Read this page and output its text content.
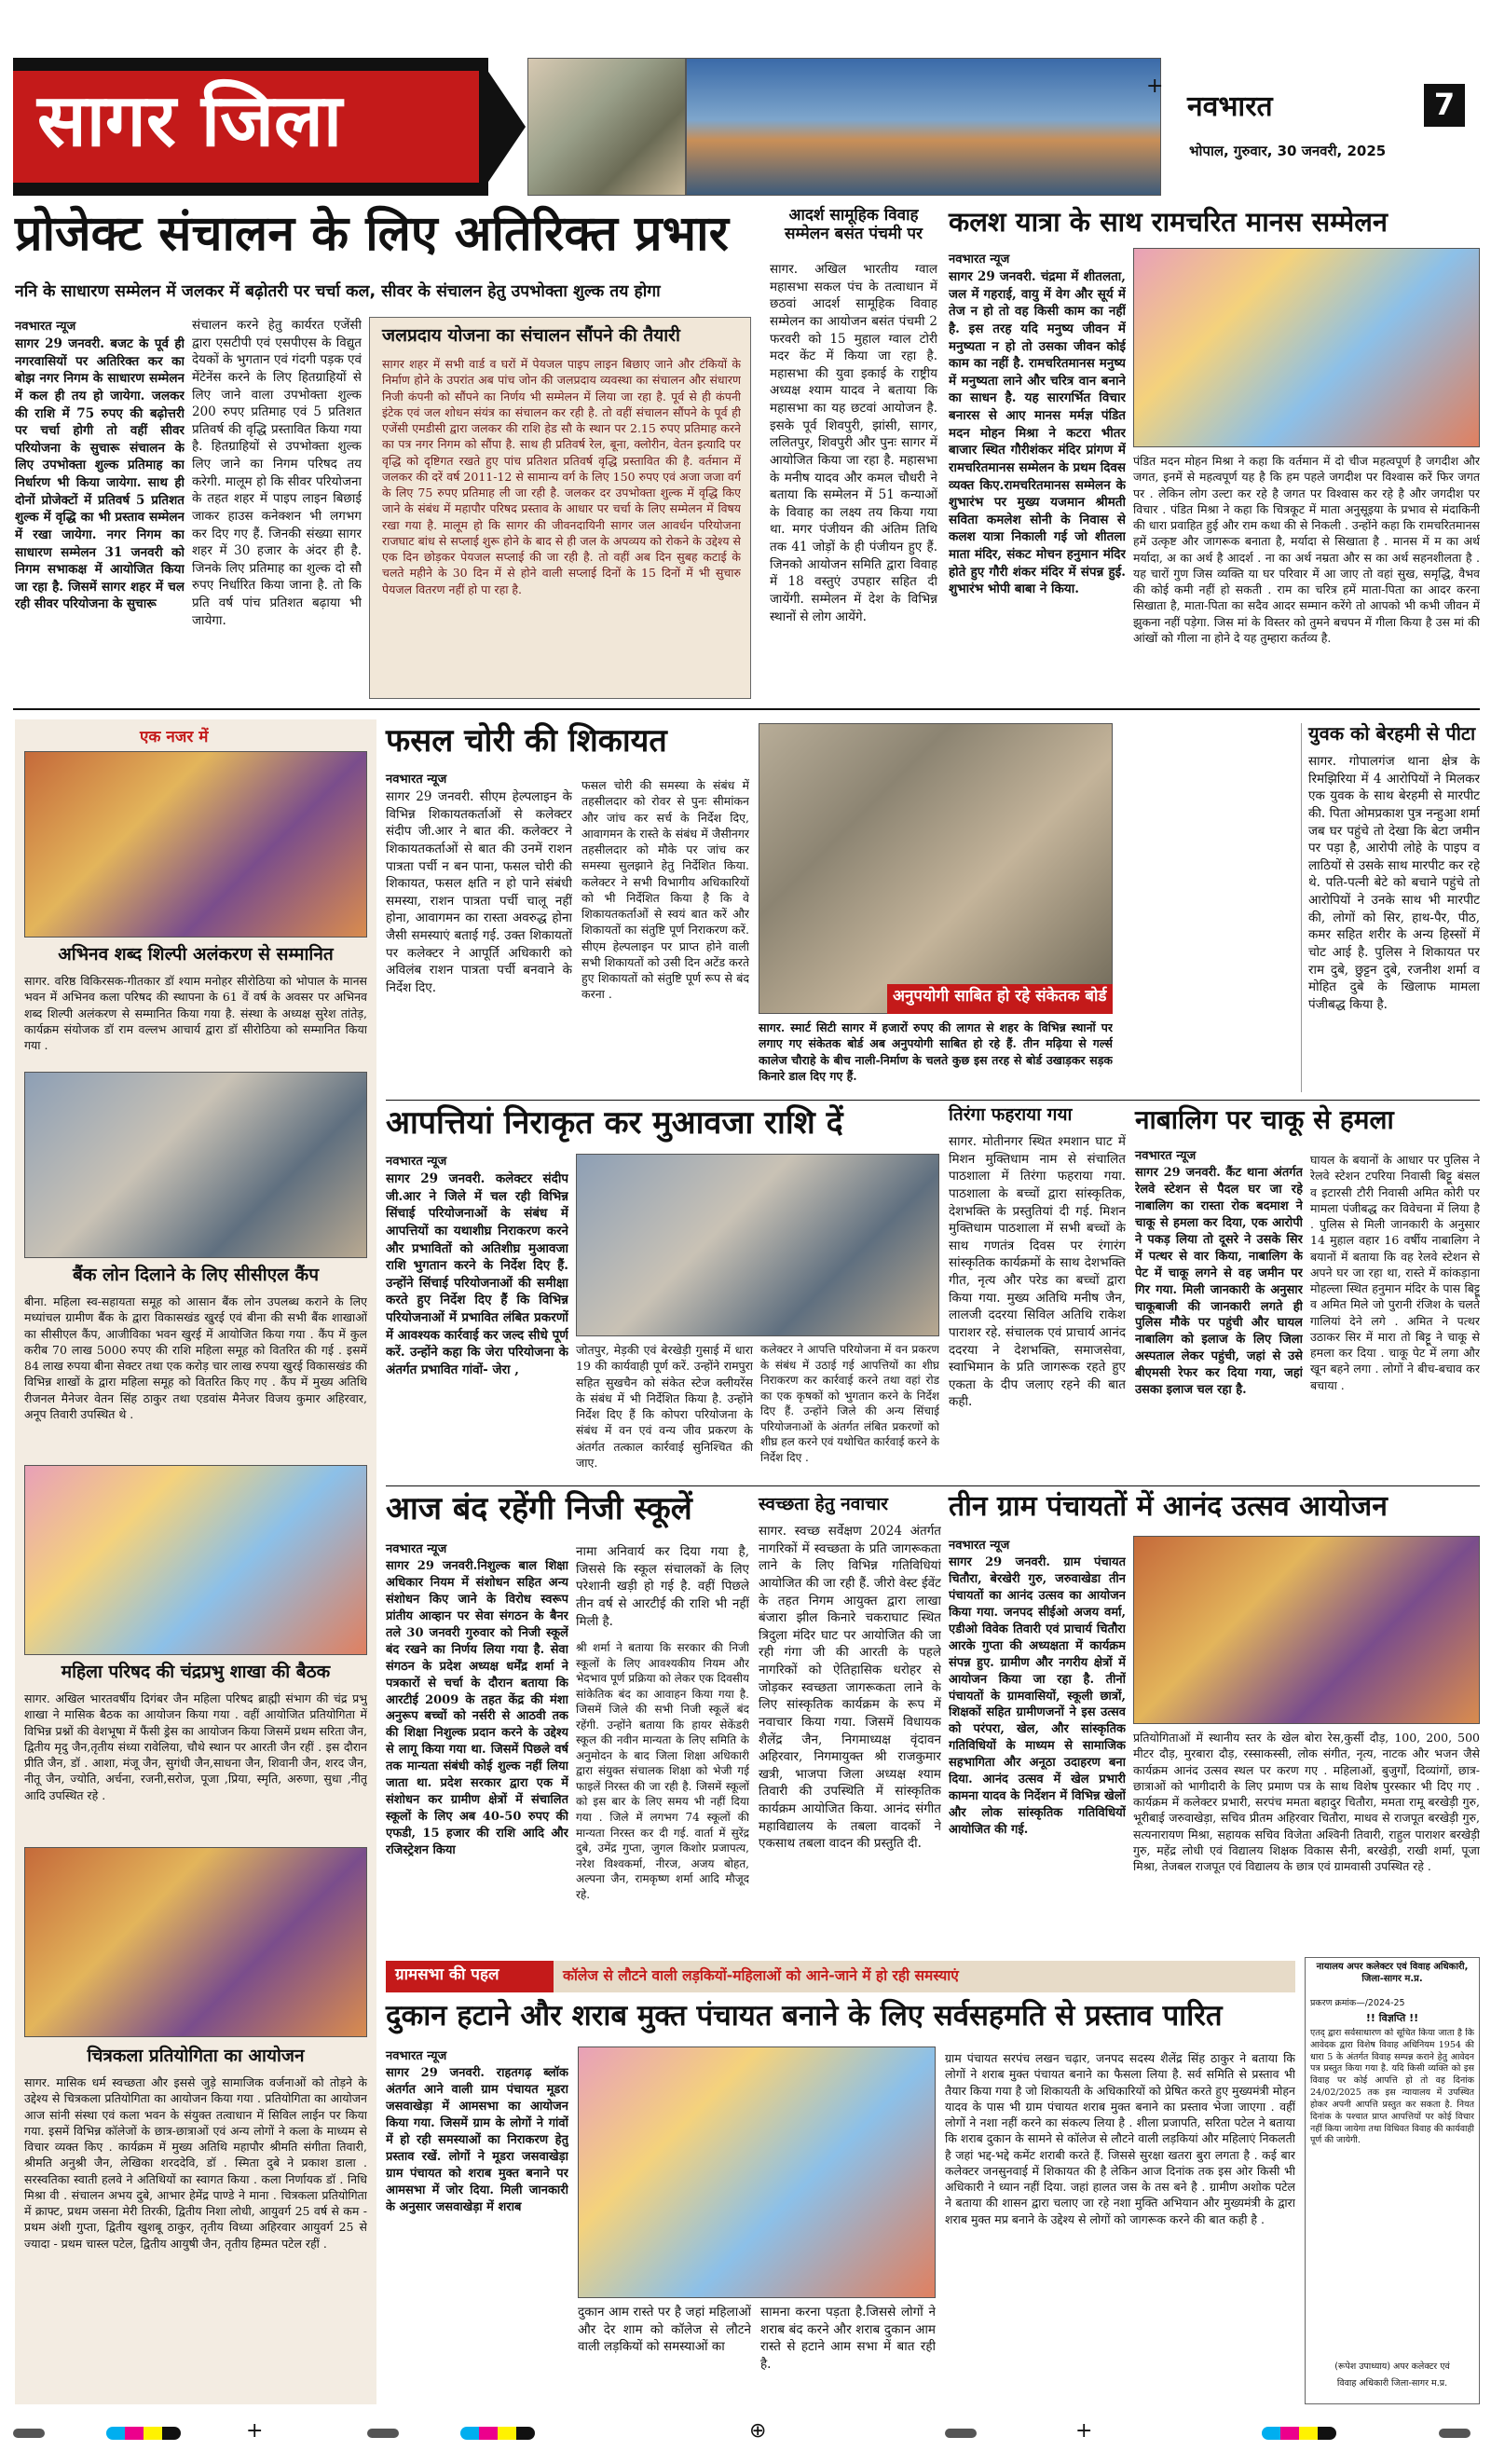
सागर जिला	नवभारत	7
भोपाल, गुरुवार, 30 जनवरी, 2025
+
प्रोजेक्ट संचालन के लिए अतिरिक्त प्रभार
ननि के साधारण सम्मेलन में जलकर में बढ़ोतरी पर चर्चा कल, सीवर के संचालन हेतु उपभोक्ता शुल्क तय होगा
नवभारत न्यूज
सागर 29 जनवरी. बजट के पूर्व ही नगरवासियों पर अतिरिक्त कर का बोझ नगर निगम के साधारण सम्मेलन में कल ही तय हो जायेगा. जलकर की राशि में 75 रुपए की बढ़ोत्तरी पर चर्चा होगी तो वहीं सीवर परियोजना के सुचारू संचालन के लिए उपभोक्ता शुल्क प्रतिमाह का निर्धारण भी किया जायेगा. साथ ही दोनों प्रोजेक्टों में प्रतिवर्ष 5 प्रतिशत शुल्क में वृद्धि का भी प्रस्ताव सम्मेलन में रखा जायेगा. नगर निगम का साधारण सम्मेलन 31 जनवरी को निगम सभाकक्ष में आयोजित किया जा रहा है. जिसमें सागर शहर में चल रही सीवर परियोजना के सुचारू
संचालन करने हेतु कार्यरत एजेंसी द्वारा एसटीपी एवं एसपीएस के विद्युत देयकों के भुगतान एवं गंदगी पड़क एवं मेंटेनेंस करने के लिए हितग्राहियों से लिए जाने वाला उपभोक्ता शुल्क 200 रुपए प्रतिमाह एवं 5 प्रतिशत प्रतिवर्ष की वृद्धि प्रस्तावित किया गया है. हितग्राहियों से उपभोक्ता शुल्क लिए जाने का निगम परिषद तय करेगी. मालूम हो कि सीवर परियोजना के तहत शहर में पाइप लाइन बिछाई जाकर हाउस कनेक्शन भी लगभग कर दिए गए हैं. जिनकी संख्या सागर शहर में 30 हजार के अंदर ही है. जिनके लिए प्रतिमाह का शुल्क दो सौ रुपए निर्धारित किया जाना है. तो कि प्रति वर्ष पांच प्रतिशत बढ़ाया भी जायेगा.
जलप्रदाय योजना का संचालन सौंपने की तैयारी
सागर शहर में सभी वार्ड व घरों में पेयजल पाइप लाइन बिछाए जाने और टंकियों के निर्माण होने के उपरांत अब पांच जोन की जलप्रदाय व्यवस्था का संचालन और संधारण निजी कंपनी को सौंपने का निर्णय भी सम्मेलन में लिया जा रहा है. पूर्व से ही कंपनी इंटेक एवं जल शोधन संयंत्र का संचालन कर रही है. तो वहीं संचालन सौंपने के पूर्व ही एजेंसी एमडीसी द्वारा जलकर की राशि हेड सौ के स्थान पर 2.15 रुपए प्रतिमाह करने का पत्र नगर निगम को सौंपा है. साथ ही प्रतिवर्ष रेल, बूना, क्लोरीन, वेतन इत्यादि पर वृद्धि को दृष्टिगत रखते हुए पांच प्रतिशत प्रतिवर्ष वृद्धि प्रस्तावित की है. वर्तमान में जलकर की दरें वर्ष 2011-12 से सामान्य वर्ग के लिए 150 रुपए एवं अजा जजा वर्ग के लिए 75 रुपए प्रतिमाह ली जा रही है. जलकर दर उपभोक्ता शुल्क में वृद्धि किए जाने के संबंध में महापौर परिषद प्रस्ताव के आधार पर चर्चा के लिए सम्मेलन में विषय रखा गया है. मालूम हो कि सागर की जीवनदायिनी सागर जल आवर्धन परियोजना राजघाट बांध से सप्लाई शुरू होने के बाद से ही जल के अपव्यय को रोकने के उद्देश्य से एक दिन छोड़कर पेयजल सप्लाई की जा रही है. तो वहीं अब दिन सुबह कटाई के चलते महीने के 30 दिन में से होने वाली सप्लाई दिनों के 15 दिनों में भी सुचारु पेयजल वितरण नहीं हो पा रहा है.
आदर्श सामूहिक विवाह सम्मेलन बसंत पंचमी पर
सागर. अखिल भारतीय ग्वाल महासभा सकल पंच के तत्वाधान में छठवां आदर्श सामूहिक विवाह सम्मेलन का आयोजन बसंत पंचमी 2 फरवरी को 15 मुहाल ग्वाल टोरी मदर केंट में किया जा रहा है. महासभा की युवा इकाई के राष्ट्रीय अध्यक्ष श्याम यादव ने बताया कि महासभा का यह छटवां आयोजन है. इसके पूर्व शिवपुरी, झांसी, सागर, ललितपुर, शिवपुरी और पुनः सागर में आयोजित किया जा रहा है. महासभा के मनीष यादव और कमल चौधरी ने बताया कि सम्मेलन में 51 कन्याओं के विवाह का लक्ष्य तय किया गया था. मगर पंजीयन की अंतिम तिथि तक 41 जोड़ों के ही पंजीयन हुए हैं. जिनको आयोजन समिति द्वारा विवाह में 18 वस्तुएं उपहार सहित दी जायेंगी. सम्मेलन में देश के विभिन्न स्थानों से लोग आयेंगे.
कलश यात्रा के साथ रामचरित मानस सम्मेलन
नवभारत न्यूज
सागर 29 जनवरी. चंद्रमा में शीतलता, जल में गहराई, वायु में वेग और सूर्य में तेज न हो तो वह किसी काम का नहीं है. इस तरह यदि मनुष्य जीवन में मनुष्यता न हो तो उसका जीवन कोई काम का नहीं है. रामचरितमानस मनुष्य में मनुष्यता लाने और चरित्र वान बनाने का साधन है. यह सारगर्भित विचार बनारस से आए मानस मर्मज्ञ पंडित मदन मोहन मिश्रा ने कटरा भीतर बाजार स्थित गौरीशंकर मंदिर प्रांगण में रामचरितमानस सम्मेलन के प्रथम दिवस व्यक्त किए.रामचरितमानस सम्मेलन के शुभारंभ पर मुख्य यजमान श्रीमती सविता कमलेश सोनी के निवास से कलश यात्रा निकाली गई जो शीतला माता मंदिर, संकट मोचन हनुमान मंदिर होते हुए गौरी शंकर मंदिर में संपन्न हुई. शुभारंभ भोपी बाबा ने किया.
पंडित मदन मोहन मिश्रा ने कहा कि वर्तमान में दो चीज महत्वपूर्ण है जगदीश और जगत, इनमें से महत्वपूर्ण यह है कि हम पहले जगदीश पर विश्वास करें फिर जगत पर . लेकिन लोग उल्टा कर रहे है जगत पर विश्वास कर रहे है और जगदीश पर विचार . पंडित मिश्रा ने कहा कि चित्रकूट में माता अनुसूइया के प्रभाव से मंदाकिनी की धारा प्रवाहित हुई और राम कथा की से निकली . उन्होंने कहा कि रामचरितमानस हमें उत्कृष्ट और जागरूक बनाता है, मर्यादा से सिखाता है . मानस में म का अर्थ मर्यादा, अ का अर्थ है आदर्श . ना का अर्थ नम्रता और स का अर्थ सहनशीलता है . यह चारों गुण जिस व्यक्ति या घर परिवार में आ जाए तो वहां सुख, समृद्धि, वैभव की कोई कमी नहीं हो सकती . राम का चरित्र हमें माता-पिता का आदर करना सिखाता है, माता-पिता का सदैव आदर सम्मान करेंगे तो आपको भी कभी जीवन में झुकना नहीं पड़ेगा. जिस मां के विस्तर को तुमने बचपन में गीला किया है उस मां की आंखों को गीला ना होने दे यह तुम्हारा कर्तव्य है.
एक नजर में
अभिनव शब्द शिल्पी अलंकरण से सम्मानित
सागर. वरिष्ठ विकिरसक-गीतकार डॉ श्याम मनोहर सीरोठिया को भोपाल के मानस भवन में अभिनव कला परिषद की स्थापना के 61 वें वर्ष के अवसर पर अभिनव शब्द शिल्पी अलंकरण से सम्मानित किया गया है. संस्था के अध्यक्ष सुरेश तांतेड़, कार्यक्रम संयोजक डॉ राम वल्लभ आचार्य द्वारा डॉ सीरोठिया को सम्मानित किया गया .
बैंक लोन दिलाने के लिए सीसीएल कैंप
बीना. महिला स्व-सहायता समूह को आसान बैंक लोन उपलब्ध कराने के लिए मध्यांचल ग्रामीण बैंक के द्वारा विकासखंड खुरई एवं बीना की सभी बैंक शाखाओं का सीसीएल कैंप, आजीविका भवन खुरई में आयोजित किया गया . कैंप में कुल करीब 70 लाख 5000 रुपए की राशि महिला समूह को वितरित की गई . इसमें 84 लाख रुपया बीना सेक्टर तथा एक करोड़ चार लाख रुपया खुरई विकासखंड की विभिन्न शाखों के द्वारा महिला समूह को वितरित किए गए . कैंप में मुख्य अतिथि रीजनल मैनेजर वेतन सिंह ठाकुर तथा एडवांस मैनेजर विजय कुमार अहिरवार, अनूप तिवारी उपस्थित थे .
महिला परिषद की चंद्रप्रभु शाखा की बैठक
सागर. अखिल भारतवर्षीय दिगंबर जैन महिला परिषद ब्राह्मी संभाग की चंद्र प्रभु शाखा ने मासिक बैठक का आयोजन किया गया . वहीं आयोजित प्रतियोगिता में विभिन्न प्रश्नों की वेशभूषा में फैंसी ड्रेस का आयोजन किया जिसमें प्रथम सरिता जैन, द्वितीय मृदु जैन,तृतीय संध्या रावेलिया, चौथे स्थान पर आरती जैन रहीं . इस दौरान प्रीति जैन, डॉ . आशा, मंजू जैन, सुगंधी जैन,साधना जैन, शिवानी जैन, शरद जैन, नीतू जैन, ज्योति, अर्चना, रजनी,सरोज, पूजा ,प्रिया, स्मृति, अरुणा, सुधा ,नीतू आदि उपस्थित रहे .
चित्रकला प्रतियोगिता का आयोजन
सागर. मासिक धर्म स्वच्छता और इससे जुड़े सामाजिक वर्जनाओं को तोड़ने के उद्देश्य से चित्रकला प्रतियोगिता का आयोजन किया गया . प्रतियोगिता का आयोजन आज सांनी संस्था एवं कला भवन के संयुक्त तत्वाधान में सिविल लाईन पर किया गया. इसमें विभिन्न कॉलेजों के छात्र-छात्राओं एवं अन्य लोगों ने कला के माध्यम से विचार व्यक्त किए . कार्यक्रम में मुख्य अतिथि महापौर श्रीमति संगीता तिवारी, श्रीमति अनुश्री जैन, लेखिका शरददेवि, डॉ . स्मिता दुबे ने प्रकाश डाला . सरस्वतिका स्वाती हलवे ने अतिथियों का स्वागत किया . कला निर्णायक डॉ . निधि मिश्रा वी . संचालन अभय दुबे, आभार हेमेंद्र पाण्डे ने माना . चित्रकला प्रतियोगिता में क्राफ्ट, प्रथम जसना मेरी तिरकी, द्वितीय निशा लोधी, आयुवर्ग 25 वर्ष से कम - प्रथम अंशी गुप्ता, द्वितीय खुशबू ठाकुर, तृतीय विध्या अहिरवार आयुवर्ग 25 से ज्यादा - प्रथम चास्ल पटेल, द्वितीय आयुषी जैन, तृतीय हिम्मत पटेल रहीं .
फसल चोरी की शिकायत
नवभारत न्यूज
सागर 29 जनवरी. सीएम हेल्पलाइन के विभिन्न शिकायतकर्ताओं से कलेक्टर संदीप जी.आर ने बात की. कलेक्टर ने शिकायतकर्ताओं से बात की उनमें राशन पात्रता पर्ची न बन पाना, फसल चोरी की शिकायत, फसल क्षति न हो पाने संबंधी समस्या, राशन पात्रता पर्ची चालू नहीं होना, आवागमन का रास्ता अवरुद्ध होना जैसी समस्याएं बताई गई. उक्त शिकायतों पर कलेक्टर ने आपूर्ति अधिकारी को अविलंब राशन पात्रता पर्ची बनवाने के निर्देश दिए.
फसल चोरी की समस्या के संबंध में तहसीलदार को रोवर से पुनः सीमांकन और जांच कर सर्च के निर्देश दिए, आवागमन के रास्ते के संबंध में जैसीनगर तहसीलदार को मौके पर जांच कर समस्या सुलझाने हेतु निर्देशित किया. कलेक्टर ने सभी विभागीय अधिकारियों को भी निर्देशित किया है कि वे शिकायतकर्ताओं से स्वयं बात करें और शिकायतों का संतुष्टि पूर्ण निराकरण करें. सीएम हेल्पलाइन पर प्राप्त होने वाली सभी शिकायतों को उसी दिन अटेंड करते हुए शिकायतों को संतुष्टि पूर्ण रूप से बंद करना .	अनुपयोगी साबित हो रहे संकेतक बोर्ड
सागर. स्मार्ट सिटी सागर में हजारों रुपए की लागत से शहर के विभिन्न स्थानों पर लगाए गए संकेतक बोर्ड अब अनुपयोगी साबित हो रहे हैं. तीन मढ़िया से गर्ल्स कालेज चौराहे के बीच नाली-निर्माण के चलते कुछ इस तरह से बोर्ड उखाड़कर सड़क किनारे डाल दिए गए हैं.
युवक को बेरहमी से पीटा
सागर. गोपालगंज थाना क्षेत्र के रिमझिरिया में 4 आरोपियों ने मिलकर एक युवक के साथ बेरहमी से मारपीट की. पिता ओमप्रकाश पुत्र नन्हुआ शर्मा जब घर पहुंचे तो देखा कि बेटा जमीन पर पड़ा है, आरोपी लोहे के पाइप व लाठियों से उसके साथ मारपीट कर रहे थे. पति-पत्नी बेटे को बचाने पहुंचे तो आरोपियों ने उनके साथ भी मारपीट की, लोगों को सिर, हाथ-पैर, पीठ, कमर सहित शरीर के अन्य हिस्सों में चोट आई है. पुलिस ने शिकायत पर राम दुबे, छुट्टन दुबे, रजनीश शर्मा व मोहित दुबे के खिलाफ मामला पंजीबद्ध किया है.
आपत्तियां निराकृत कर मुआवजा राशि दें
नवभारत न्यूज
सागर 29 जनवरी. कलेक्टर संदीप जी.आर ने जिले में चल रही विभिन्न सिंचाई परियोजनाओं के संबंध में आपत्तियों का यथाशीघ्र निराकरण करने और प्रभावितों को अतिशीघ्र मुआवजा राशि भुगतान करने के निर्देश दिए हैं. उन्होंने सिंचाई परियोजनाओं की समीक्षा करते हुए निर्देश दिए हैं कि विभिन्न परियोजनाओं में प्रभावित लंबित प्रकरणों में आवश्यक कार्रवाई कर जल्द सीधे पूर्ण करें. उन्होंने कहा कि जेरा परियोजना के अंतर्गत प्रभावित गांवों- जेरा ,
जोतपुर, मेड़की एवं बेरखेड़ी गुसाई में धारा 19 की कार्यवाही पूर्ण करें. उन्होंने रामपुरा सहित सुखचैन को संकेत स्टेज क्लीयरेंस के संबंध में भी निर्देशित किया है. उन्होंने निर्देश दिए हैं कि कोपरा परियोजना के संबंध में वन एवं वन्य जीव प्रकरण के अंतर्गत तत्काल कार्रवाई सुनिश्चित की जाए.
कलेक्टर ने आपत्ति परियोजना में वन प्रकरण के संबंध में उठाई गई आपत्तियों का शीघ्र निराकरण कर कार्रवाई करने तथा वहां रोड का एक कृषकों को भुगतान करने के निर्देश दिए हैं. उन्होंने जिले की अन्य सिंचाई परियोजनाओं के अंतर्गत लंबित प्रकरणों को शीघ्र हल करने एवं यथोचित कार्रवाई करने के निर्देश दिए .
तिरंगा फहराया गया
सागर. मोतीनगर स्थित श्मशान घाट में मिशन मुक्तिधाम नाम से संचालित पाठशाला में तिरंगा फहराया गया. पाठशाला के बच्चों द्वारा सांस्कृतिक, देशभक्ति के प्रस्तुतियां दी गई. मिशन मुक्तिधाम पाठशाला में सभी बच्चों के साथ गणतंत्र दिवस पर रंगारंग सांस्कृतिक कार्यक्रमों के साथ देशभक्ति गीत, नृत्य और परेड का बच्चों द्वारा किया गया. मुख्य अतिथि मनीष जैन, लालजी ददरया सिविल अतिथि राकेश पाराशर रहे. संचालक एवं प्राचार्य आनंद ददरया ने देशभक्ति, समाजसेवा, स्वाभिमान के प्रति जागरूक रहते हुए एकता के दीप जलाए रहने की बात कही.
नाबालिग पर चाकू से हमला
नवभारत न्यूज
सागर 29 जनवरी. कैंट थाना अंतर्गत रेलवे स्टेशन से पैदल घर जा रहे नाबालिग का रास्ता रोक बदमाश ने चाकू से हमला कर दिया, एक आरोपी ने पकड़ लिया तो दूसरे ने उसके सिर में पत्थर से वार किया, नाबालिग के पेट में चाकू लगने से वह जमीन पर गिर गया. मिली जानकारी के अनुसार चाकूबाजी की जानकारी लगते ही पुलिस मौके पर पहुंची और घायल नाबालिग को इलाज के लिए जिला अस्पताल लेकर पहुंची, जहां से उसे बीएमसी रेफर कर दिया गया, जहां उसका इलाज चल रहा है.
घायल के बयानों के आधार पर पुलिस ने रेलवे स्टेशन टपरिया निवासी बिट्टू बंसल व इटारसी टौरी निवासी अमित कोरी पर मामला पंजीबद्ध कर विवेचना में लिया है . पुलिस से मिली जानकारी के अनुसार 14 मुहाल वहार 16 वर्षीय नाबालिग ने बयानों में बताया कि वह रेलवे स्टेशन से अपने घर जा रहा था, रास्ते में कांकड़ाना मोहल्ला स्थित हनुमान मंदिर के पास बिट्टू व अमित मिले जो पुरानी रंजिश के चलते गालियां देने लगे . अमित ने पत्थर उठाकर सिर में मारा तो बिट्टू ने चाकू से हमला कर दिया . चाकू पेट में लगा और खून बहने लगा . लोगों ने बीच-बचाव कर बचाया .
आज बंद रहेंगी निजी स्कूलें
नवभारत न्यूज
सागर 29 जनवरी.निशुल्क बाल शिक्षा अधिकार नियम में संशोधन सहित अन्य संशोधन किए जाने के विरोध स्वरूप प्रांतीय आव्हान पर सेवा संगठन के बैनर तले 30 जनवरी गुरुवार को निजी स्कूलें बंद रखने का निर्णय लिया गया है. सेवा संगठन के प्रदेश अध्यक्ष धर्मेंद्र शर्मा ने पत्रकारों से चर्चा के दौरान बताया कि आरटीई 2009 के तहत केंद्र की मंशा अनुरूप बच्चों को नर्सरी से आठवी तक की शिक्षा निशुल्क प्रदान करने के उद्देश्य से लागू किया गया था. जिसमें पिछले वर्ष तक मान्यता संबंधी कोई शुल्क नहीं लिया जाता था. प्रदेश सरकार द्वारा एक में संशोधन कर ग्रामीण क्षेत्रों में संचालित स्कूलों के लिए अब 40-50 रुपए की एफडी, 15 हजार की राशि आदि और रजिस्ट्रेशन किया
नामा अनिवार्य कर दिया गया है, जिससे कि स्कूल संचालकों के लिए परेशानी खड़ी हो गई है. वहीं पिछले तीन वर्ष से आरटीई की राशि भी नहीं मिली है.
श्री शर्मा ने बताया कि सरकार की निजी स्कूलों के लिए आवश्यकीय नियम और भेदभाव पूर्ण प्रक्रिया को लेकर एक दिवसीय सांकेतिक बंद का आवाहन किया गया है. जिसमें जिले की सभी निजी स्कूलें बंद रहेंगी. उन्होंने बताया कि हायर सेकेंडरी स्कूल की नवीन मान्यता के लिए समिति के अनुमोदन के बाद जिला शिक्षा अधिकारी द्वारा संयुक्त संचालक शिक्षा को भेजी गई फाइलें निरस्त की जा रही है. जिसमें स्कूलों को इस बार के लिए समय भी नहीं दिया गया . जिले में लगभग 74 स्कूलों की मान्यता निरस्त कर दी गई. वार्ता में सुरेंद्र दुबे, उमेंद्र गुप्ता, जुगल किशोर प्रजापत्य, नरेश विश्वकर्मा, नीरज, अजय बोहत, अल्पना जैन, रामकृष्ण शर्मा आदि मौजूद रहे.
स्वच्छता हेतु नवाचार
सागर. स्वच्छ सर्वेक्षण 2024 अंतर्गत नागरिकों में स्वच्छता के प्रति जागरूकता लाने के लिए विभिन्न गतिविधियां आयोजित की जा रही हैं. जीरो वेस्ट ईवेंट के तहत निगम आयुक्त द्वारा लाखा बंजारा झील किनारे चकराघाट स्थित त्रिदुला मंदिर घाट पर आयोजित की जा रही गंगा जी की आरती के पहले नागरिकों को ऐतिहासिक धरोहर से जोड़कर स्वच्छता जागरूकता लाने के लिए सांस्कृतिक कार्यक्रम के रूप में नवाचार किया गया. जिसमें विधायक शैलेंद्र जैन, निगमाध्यक्ष वृंदावन अहिरवार, निगमायुक्त श्री राजकुमार खत्री, भाजपा जिला अध्यक्ष श्याम तिवारी की उपस्थिति में सांस्कृतिक कार्यक्रम आयोजित किया. आनंद संगीत महाविद्यालय के तबला वादकों ने एकसाथ तबला वादन की प्रस्तुति दी.
तीन ग्राम पंचायतों में आनंद उत्सव आयोजन
नवभारत न्यूज
सागर 29 जनवरी. ग्राम पंचायत चितौरा, बेरखेरी गुरु, जरुवाखेडा तीन पंचायतों का आनंद उत्सव का आयोजन किया गया. जनपद सीईओ अजय वर्मा, एडीओ विवेक तिवारी एवं प्राचार्य चितौरा आरके गुप्ता की अध्यक्षता में कार्यक्रम संपन्न हुए. ग्रामीण और नगरीय क्षेत्रों में आयोजन किया जा रहा है. तीनों पंचायतों के ग्रामवासियों, स्कूली छात्रों, शिक्षकों सहित ग्रामीणजनों ने इस उत्सव को परंपरा, खेल, और सांस्कृतिक गतिविधियों के माध्यम से सामाजिक सहभागिता और अनूठा उदाहरण बना दिया. आनंद उत्सव में खेल प्रभारी कामना यादव के निर्देशन में विभिन्न खेलों और लोक सांस्कृतिक गतिविधियों आयोजित की गई.
प्रतियोगिताओं में स्थानीय स्तर के खेल बोरा रेस,कुर्सी दौड़, 100, 200, 500 मीटर दौड़, मुरबारा दौड़, रस्साकस्सी, लोक संगीत, नृत्य, नाटक और भजन जैसे कार्यक्रम आनंद उत्सव स्थल पर करण गए . महिलाओं, बुजुर्गों, दिव्यांगों, छात्र-छात्राओं को भागीदारी के लिए प्रमाण पत्र के साथ विशेष पुरस्कार भी दिए गए . कार्यक्रम में कलेक्टर प्रभारी, सरपंच ममता बहादुर चितौरा, ममता रामू बरखेड़ी गुरु, भूरीबाई जरुवाखेड़ा, सचिव प्रीतम अहिरवार चितौरा, माधव से राजपूत बरखेड़ी गुरु, सत्यनारायण मिश्रा, सहायक सचिव विजेता अश्विनी तिवारी, राहुल पाराशर बरखेड़ी गुरु, महेंद्र लोधी एवं विद्यालय शिक्षक विकास सैनी, बरखेड़ी, राखी शर्मा, पूजा मिश्रा, तेजबल राजपूत एवं विद्यालय के छात्र एवं ग्रामवासी उपस्थित रहे .
नायालय अपर कलेक्टर एवं विवाह अधिकारी, जिला-सागर म.प्र.
प्रकरण क्रमांक—/2024-25
!! विज्ञप्ति !!
एतद् द्वारा सर्वसाधारण को सूचित किया जाता है कि आवेदक द्वारा विशेष विवाह अधिनियम 1954 की धारा 5 के अंतर्गत विवाह सम्पन्न कराने हेतु आवेदन पत्र प्रस्तुत किया गया है. यदि किसी व्यक्ति को इस विवाह पर कोई आपत्ति हो तो वह दिनांक 24/02/2025 तक इस न्यायालय में उपस्थित होकर अपनी आपत्ति प्रस्तुत कर सकता है. नियत दिनांक के पश्चात प्राप्त आपत्तियों पर कोई विचार नहीं किया जायेगा तथा विधिवत विवाह की कार्यवाही पूर्ण की जायेगी.
(रूपेश उपाध्याय) अपर कलेक्टर एवं
विवाह अधिकारी जिला-सागर म.प्र.
ग्रामसभा की पहल	कॉलेज से लौटने वाली लड़कियों-महिलाओं को आने-जाने में हो रही समस्याएं
दुकान हटाने और शराब मुक्त पंचायत बनाने के लिए सर्वसहमति से प्रस्ताव पारित
नवभारत न्यूज
सागर 29 जनवरी. राहतगढ़ ब्लॉक अंतर्गत आने वाली ग्राम पंचायत मूडरा जसवाखेड़ा में आमसभा का आयोजन किया गया. जिसमें ग्राम के लोगों ने गांवों में हो रही समस्याओं का निराकरण हेतु प्रस्ताव रखें. लोगों ने मूडरा जसवाखेड़ा ग्राम पंचायत को शराब मुक्त बनाने पर आमसभा में जोर दिया. मिली जानकारी के अनुसार जसवाखेड़ा में शराब
दुकान आम रास्ते पर है जहां महिलाओं और देर शाम को कॉलेज से लौटने वाली लड़कियों को समस्याओं का
सामना करना पड़ता है.जिससे लोगों ने शराब बंद करने और शराब दुकान आम रास्ते से हटाने आम सभा में बात रही है.
ग्राम पंचायत सरपंच लखन चढ़ार, जनपद सदस्य शैलेंद्र सिंह ठाकुर ने बताया कि लोगों ने शराब मुक्त पंचायत बनाने का फैसला लिया है. सर्व समिति से प्रस्ताव भी तैयार किया गया है जो शिकायती के अधिकारियों को प्रेषित करते हुए मुख्यमंत्री मोहन यादव के पास भी ग्राम पंचायत शराब मुक्त बनाने का प्रस्ताव भेजा जाएगा . वहीं लोगों ने नशा नहीं करने का संकल्प लिया है . शीला प्रजापति, सरिता पटेल ने बताया कि शराब दुकान के सामने से कॉलेज से लौटने वाली लड़कियां और महिलाएं निकलती है जहां भद्द-भद्दे कमेंट शराबी करते हैं. जिससे सुरक्षा खतरा बुरा लगता है . कई बार कलेक्टर जनसुनवाई में शिकायत की है लेकिन आज दिनांक तक इस ओर किसी भी अधिकारी ने ध्यान नहीं दिया. जहां हालत जस के तस बने है . ग्रामीण अशोक पटेल ने बताया की शासन द्वारा चलाए जा रहे नशा मुक्ति अभियान और मुख्यमंत्री के द्वारा शराब मुक्त मप्र बनाने के उद्देश्य से लोगों को जागरूक करने की बात कही है .
+	⊕	+
